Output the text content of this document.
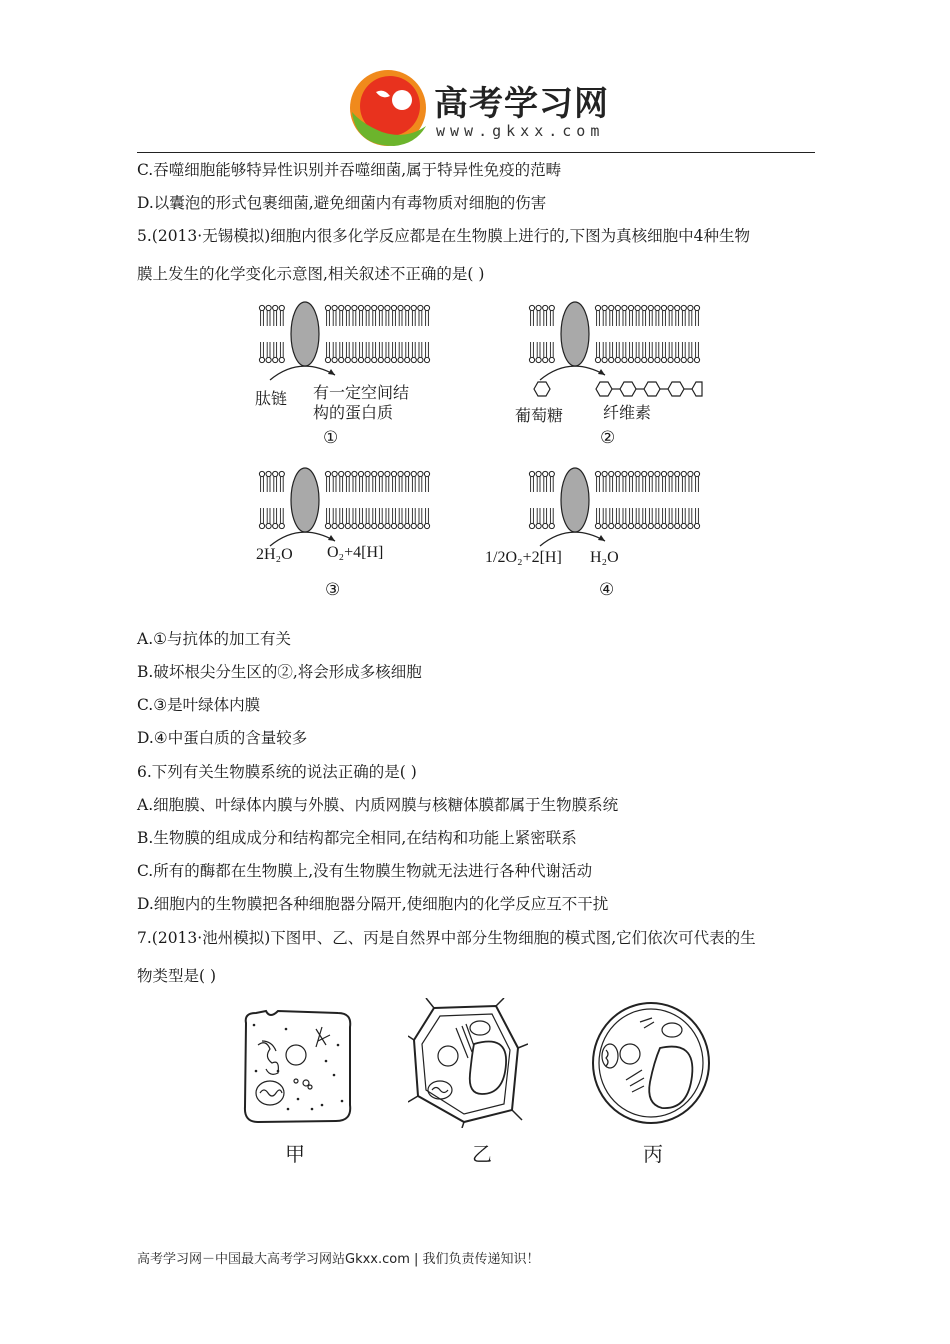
高考学习网
www.gkxx.com
C.吞噬细胞能够特异性识别并吞噬细菌,属于特异性免疫的范畴
D.以囊泡的形式包裹细菌,避免细菌内有毒物质对细胞的伤害
5.(2013·无锡模拟)细胞内很多化学反应都是在生物膜上进行的,下图为真核细胞中4种生物
膜上发生的化学变化示意图,相关叙述不正确的是( )
肽链 有一定空间结
构的蛋白质
①
葡萄糖 纤维素
②
2H₂O O₂+4[H]
③
1/2O₂+2[H] H₂O
④
A.①与抗体的加工有关
B.破坏根尖分生区的②,将会形成多核细胞
C.③是叶绿体内膜
D.④中蛋白质的含量较多
6.下列有关生物膜系统的说法正确的是( )
A.细胞膜、叶绿体内膜与外膜、内质网膜与核糖体膜都属于生物膜系统
B.生物膜的组成成分和结构都完全相同,在结构和功能上紧密联系
C.所有的酶都在生物膜上,没有生物膜生物就无法进行各种代谢活动
D.细胞内的生物膜把各种细胞器分隔开,使细胞内的化学反应互不干扰
7.(2013·池州模拟)下图甲、乙、丙是自然界中部分生物细胞的模式图,它们依次可代表的生
物类型是( )
甲	乙	丙
高考学习网－中国最大高考学习网站Gkxx.com | 我们负责传递知识！
